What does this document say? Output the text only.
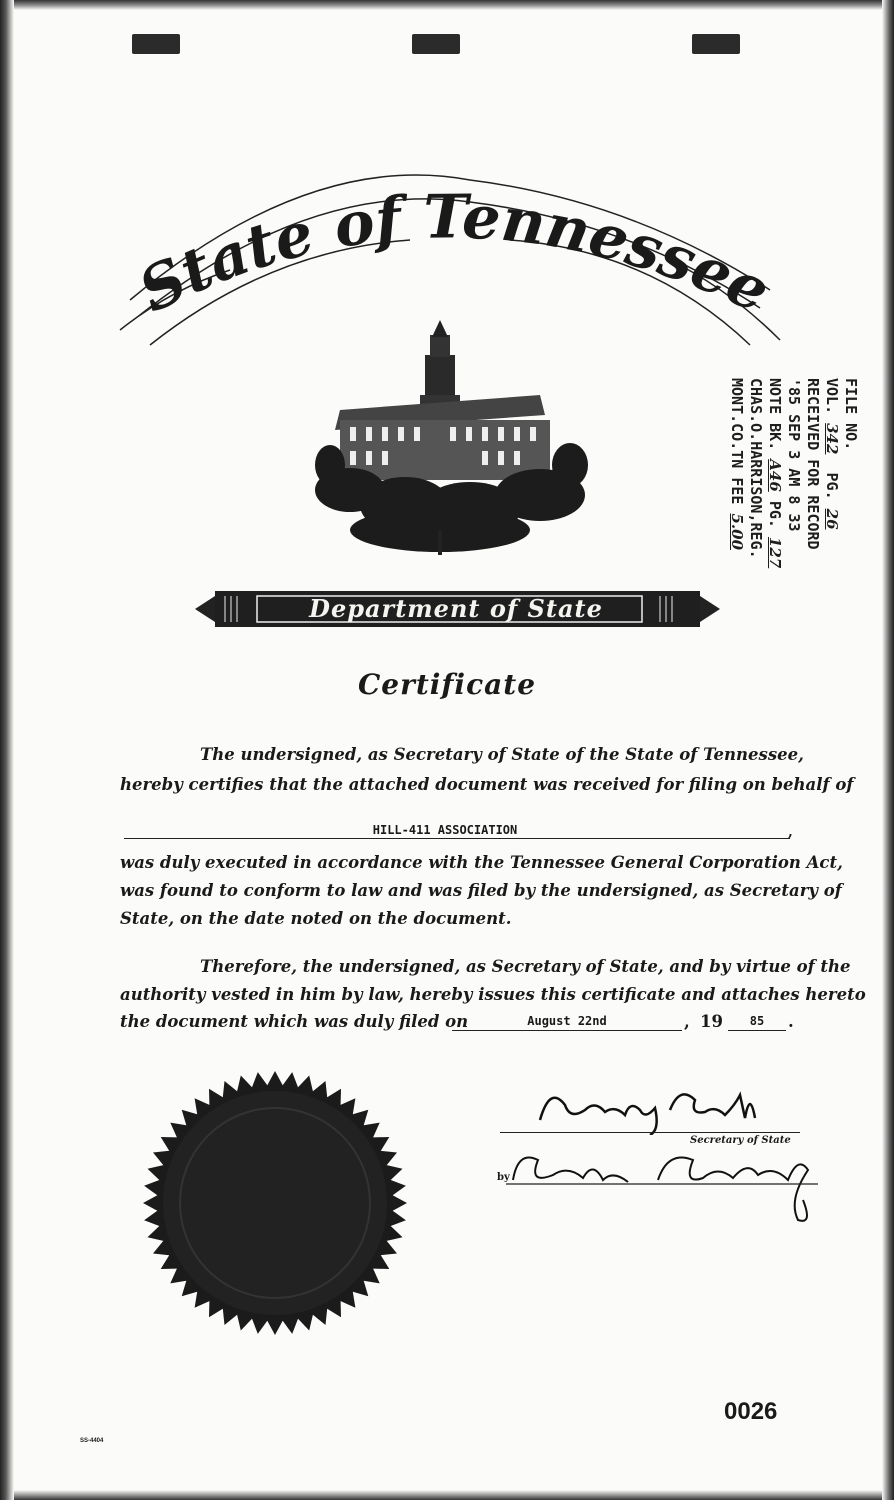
State of Tennessee
Department of State
FILE NO.
VOL. 342  PG. 26
RECEIVED FOR RECORD
'85 SEP 3 AM 8 33
NOTE BK. A46 PG. 127
CHAS.O.HARRISON,REG.
MONT.CO.TN FEE 5.00
Certificate
The undersigned, as Secretary of State of the State of Tennessee,
hereby certifies that the attached document was received for filing on behalf of
HILL-411 ASSOCIATION	,
was duly executed in accordance with the Tennessee General Corporation Act,
was found to conform to law and was filed by the undersigned, as Secretary of
State, on the date noted on the document.
Therefore, the undersigned, as Secretary of State, and by virtue of the
authority vested in him by law, hereby issues this certificate and attaches hereto
the document which was duly filed on	August 22nd	, 19	85	.
Secretary of State
by
0026
SS-4404
